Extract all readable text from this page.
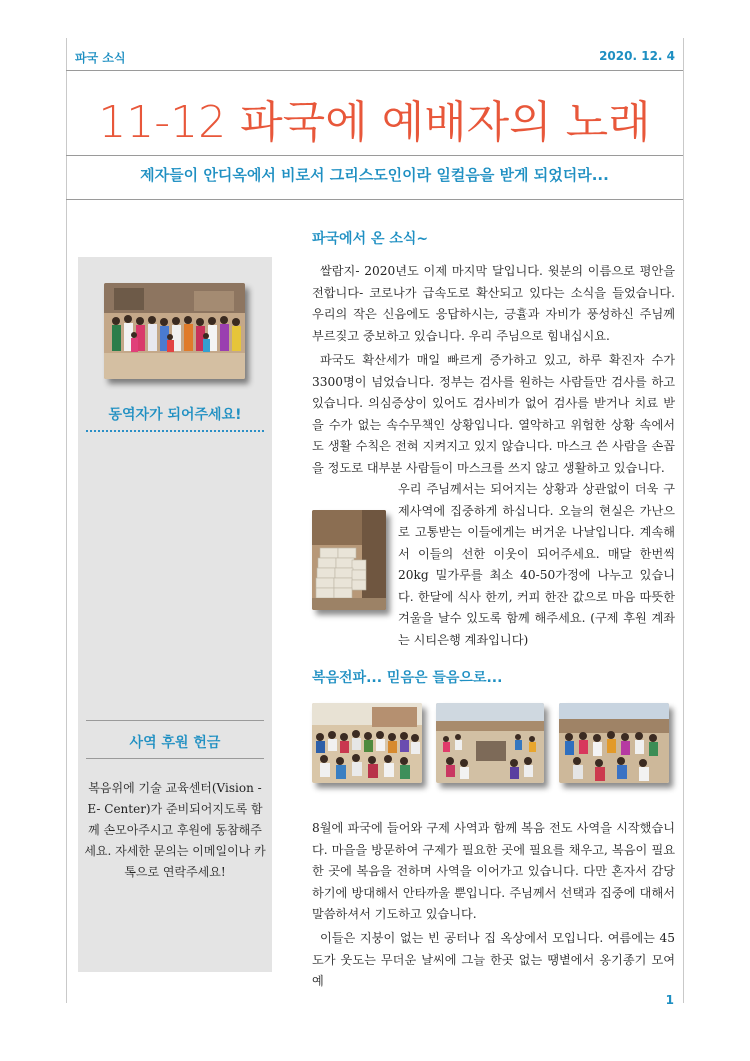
파국 소식	2020. 12. 4
11-12 파국에 예배자의 노래
제자들이 안디옥에서 비로서 그리스도인이라 일컬음을 받게 되었더라...
동역자가 되어주세요!
사역 후원 헌금
복음위에 기술 교육센터(Vision - E- Center)가 준비되어지도록 함께 손모아주시고 후원에 동참해주세요. 자세한 문의는 이메일이나 카톡으로 연락주세요!
파국에서 온 소식~
쌀람지- 2020년도 이제 마지막 달입니다. 윗분의 이름으로 평안을 전합니다- 코로나가 급속도로 확산되고 있다는 소식을 들었습니다. 우리의 작은 신음에도 응답하시는, 긍휼과 자비가 풍성하신 주님께 부르짖고 중보하고 있습니다. 우리 주님으로 힘내십시요.
파국도 확산세가 매일 빠르게 증가하고 있고, 하루 확진자 수가 3300명이 넘었습니다. 정부는 검사를 원하는 사람들만 검사를 하고 있습니다. 의심증상이 있어도 검사비가 없어 검사를 받거나 치료 받을 수가 없는 속수무책인 상황입니다. 열악하고 위험한 상황 속에서도 생활 수칙은 전혀 지켜지고 있지 않습니다. 마스크 쓴 사람을 손꼽을 정도로 대부분 사람들이 마스크를 쓰지 않고 생활하고 있습니다.
우리 주님께서는 되어지는 상황과 상관없이 더욱 구제사역에 집중하게 하십니다. 오늘의 현실은 가난으로 고통받는 이들에게는 버거운 나날입니다. 계속해서 이들의 선한 이웃이 되어주세요. 매달 한번씩 20kg 밀가루를 최소 40-50가정에 나누고 있습니다. 한달에 식사 한끼, 커피 한잔 값으로 마음 따뜻한 겨울을 날수 있도록 함께 해주세요. (구제 후원 계좌는 시티은행 계좌입니다)
복음전파... 믿음은 들음으로...
8월에 파국에 들어와 구제 사역과 함께 복음 전도 사역을 시작했습니다. 마을을 방문하여 구제가 필요한 곳에 필요를 채우고, 복음이 필요한 곳에 복음을 전하며 사역을 이어가고 있습니다. 다만 혼자서 감당하기에 방대해서 안타까울 뿐입니다. 주님께서 선택과 집중에 대해서 말씀하셔서 기도하고 있습니다.
이들은 지붕이 없는 빈 공터나 집 옥상에서 모입니다. 여름에는 45도가 웃도는 무더운 날씨에 그늘 한곳 없는 땡볕에서 옹기종기 모여 예
1
